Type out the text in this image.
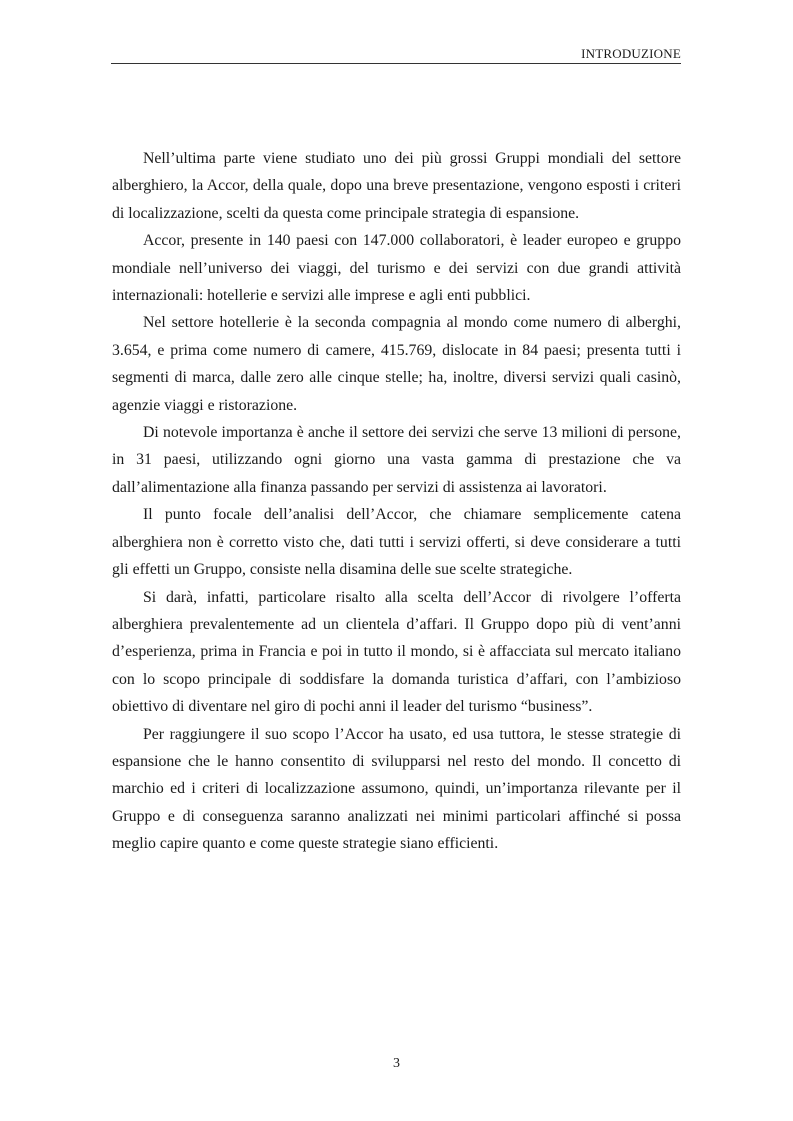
INTRODUZIONE

Nell’ultima parte viene studiato uno dei più grossi Gruppi mondiali del settore alberghiero, la Accor, della quale, dopo una breve presentazione, vengono esposti i criteri di localizzazione, scelti da questa come principale strategia di espansione.

Accor, presente in 140 paesi con 147.000 collaboratori, è leader europeo e gruppo mondiale nell’universo dei viaggi, del turismo e dei servizi con due grandi attività internazionali: hotellerie e servizi alle imprese e agli enti pubblici.

Nel settore hotellerie è la seconda compagnia al mondo come numero di alberghi, 3.654, e prima come numero di camere, 415.769, dislocate in 84 paesi; presenta tutti i segmenti di marca, dalle zero alle cinque stelle; ha, inoltre, diversi servizi quali casinò, agenzie viaggi e ristorazione.

Di notevole importanza è anche il settore dei servizi che serve 13 milioni di persone, in 31 paesi, utilizzando ogni giorno una vasta gamma di prestazione che va dall’alimentazione alla finanza passando per servizi di assistenza ai lavoratori.

Il punto focale dell’analisi dell’Accor, che chiamare semplicemente catena alberghiera non è corretto visto che, dati tutti i servizi offerti, si deve considerare a tutti gli effetti un Gruppo, consiste nella disamina delle sue scelte strategiche.

Si darà, infatti, particolare risalto alla scelta dell’Accor di rivolgere l’offerta alberghiera prevalentemente ad un clientela d’affari. Il Gruppo dopo più di vent’anni d’esperienza, prima in Francia e poi in tutto il mondo, si è affacciata sul mercato italiano con lo scopo principale di soddisfare la domanda turistica d’affari, con l’ambizioso obiettivo di diventare nel giro di pochi anni il leader del turismo “business”.

Per raggiungere il suo scopo l’Accor ha usato, ed usa tuttora, le stesse strategie di espansione che le hanno consentito di svilupparsi nel resto del mondo. Il concetto di marchio ed i criteri di localizzazione assumono, quindi, un’importanza rilevante per il Gruppo e di conseguenza saranno analizzati nei minimi particolari affinché si possa meglio capire quanto e come queste strategie siano efficienti.

3
